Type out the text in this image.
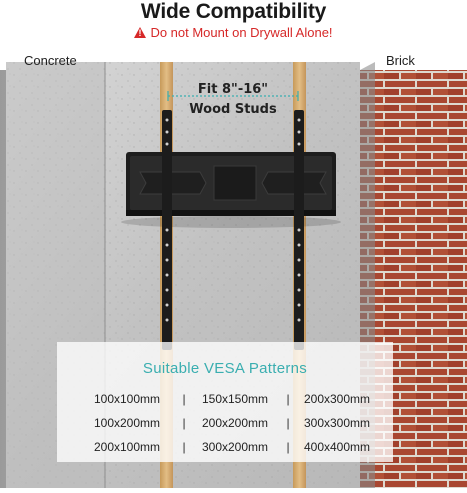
Wide Compatibility
!Do not Mount on Drywall Alone!
Concrete	Brick
Fit 8"-16"
Wood Studs
Suitable VESA Patterns
100x100mm	|	150x150mm	|	200x300mm
100x200mm	|	200x200mm	|	300x300mm
200x100mm	|	300x200mm	|	400x400mm
